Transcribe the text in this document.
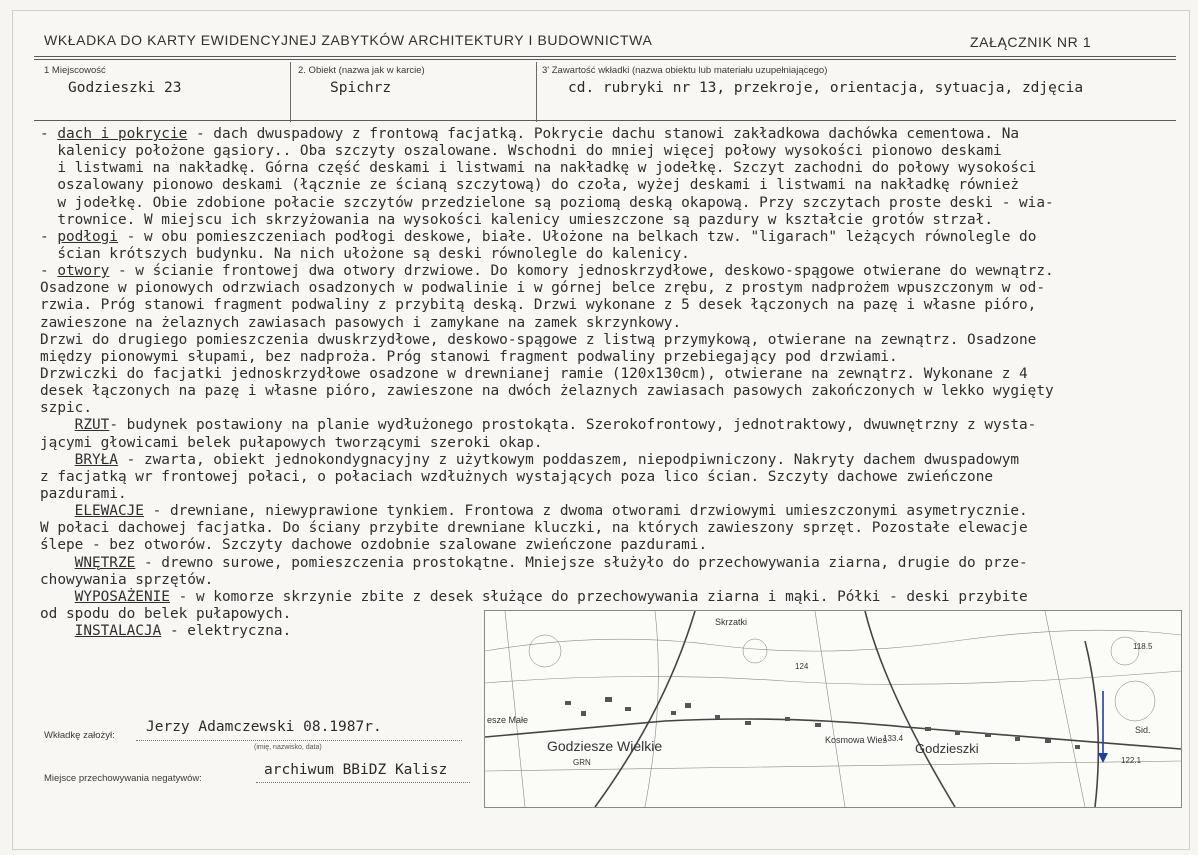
WKŁADKA DO KARTY EWIDENCYJNEJ ZABYTKÓW ARCHITEKTURY I BUDOWNICTWA	ZAŁĄCZNIK NR 1
1 Miejscowość
Godzieszki 23
2. Obiekt (nazwa jak w karcie)
Spichrz
3' Zawartość wkładki (nazwa obiektu lub materiału uzupełniającego)
cd. rubryki nr 13, przekroje, orientacja, sytuacja, zdjęcia
- dach i pokrycie - dach dwuspadowy z frontową facjatką. Pokrycie dachu stanowi zakładkowa dachówka cementowa. Na
kalenicy położone gąsiory.. Oba szczyty oszalowane. Wschodni do mniej więcej połowy wysokości pionowo deskami
i listwami na nakładkę. Górna część deskami i listwami na nakładkę w jodełkę. Szczyt zachodni do połowy wysokości
oszalowany pionowo deskami (łącznie ze ścianą szczytową) do czoła, wyżej deskami i listwami na nakładkę również
w jodełkę. Obie zdobione połacie szczytów przedzielone są poziomą deską okapową. Przy szczytach proste deski - wia-
trownice. W miejscu ich skrzyżowania na wysokości kalenicy umieszczone są pazdury w kształcie grotów strzał.
- podłogi - w obu pomieszczeniach podłogi deskowe, białe. Ułożone na belkach tzw. "ligarach" leżących równolegle do
ścian krótszych budynku. Na nich ułożone są deski równolegle do kalenicy.
- otwory - w ścianie frontowej dwa otwory drzwiowe. Do komory jednoskrzydłowe, deskowo-spągowe otwierane do wewnątrz.
Osadzone w pionowych odrzwiach osadzonych w podwalinie i w górnej belce zrębu, z prostym nadprożem wpuszczonym w od-
rzwia. Próg stanowi fragment podwaliny z przybitą deską. Drzwi wykonane z 5 desek łączonych na pazę i własne pióro,
zawieszone na żelaznych zawiasach pasowych i zamykane na zamek skrzynkowy.
Drzwi do drugiego pomieszczenia dwuskrzydłowe, deskowo-spągowe z listwą przymykową, otwierane na zewnątrz. Osadzone
między pionowymi słupami, bez nadproża. Próg stanowi fragment podwaliny przebiegający pod drzwiami.
Drzwiczki do facjatki jednoskrzydłowe osadzone w drewnianej ramie (120x130cm), otwierane na zewnątrz. Wykonane z 4
desek łączonych na pazę i własne pióro, zawieszone na dwóch żelaznych zawiasach pasowych zakończonych w lekko wygięty
szpic.
RZUT- budynek postawiony na planie wydłużonego prostokąta. Szerokofrontowy, jednotraktowy, dwuwnętrzny z wysta-
jącymi głowicami belek pułapowych tworzącymi szeroki okap.
BRYŁA - zwarta, obiekt jednokondygnacyjny z użytkowym poddaszem, niepodpiwniczony. Nakryty dachem dwuspadowym
z facjatką wr frontowej połaci, o połaciach wzdłużnych wystających poza lico ścian. Szczyty dachowe zwieńczone
pazdurami.
ELEWACJE - drewniane, niewyprawione tynkiem. Frontowa z dwoma otworami drzwiowymi umieszczonymi asymetrycznie.
W połaci dachowej facjatka. Do ściany przybite drewniane kluczki, na których zawieszony sprzęt. Pozostałe elewacje
ślepe - bez otworów. Szczyty dachowe ozdobnie szalowane zwieńczone pazdurami.
WNĘTRZE - drewno surowe, pomieszczenia prostokątne. Mniejsze służyło do przechowywania ziarna, drugie do prze-
chowywania sprzętów.
WYPOSAŻENIE - w komorze skrzynie zbite z desek służące do przechowywania ziarna i mąki. Półki - deski przybite
od spodu do belek pułapowych.
INSTALACJA - elektryczna.
Wkładkę założył:
Jerzy Adamczewski 08.1987r.
(imię, nazwisko, data)
Miejsce przechowywania negatywów:
archiwum BBiDZ Kalisz
Godziesze Wielkie	Godzieszki
Kosmowa Wieś
Skrzatki
esze Małe
GRN
Sid.
133.4
118.5
122.1
124
